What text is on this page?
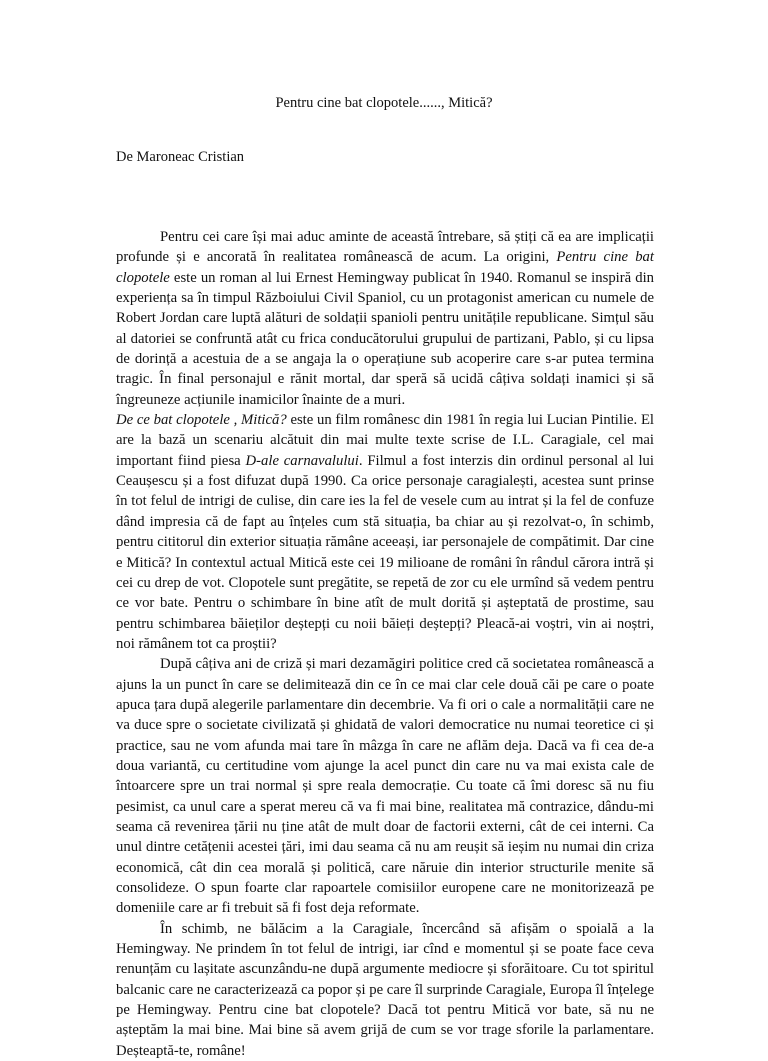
Pentru cine bat clopotele......, Mitică?
De Maroneac Cristian

Pentru cei care își mai aduc aminte de această întrebare, să știți că ea are implicații profunde și e ancorată în realitatea românească de acum. La origini, Pentru cine bat clopotele este un roman al lui Ernest Hemingway publicat în 1940. Romanul se inspiră din experiența sa în timpul Războiului Civil Spaniol, cu un protagonist american cu numele de Robert Jordan care luptă alături de soldații spanioli pentru unitățile republicane. Simțul său al datoriei se confruntă atât cu frica conducătorului grupului de partizani, Pablo, și cu lipsa de dorință a acestuia de a se angaja la o operațiune sub acoperire care s-ar putea termina tragic. În final personajul e rănit mortal, dar speră să ucidă câțiva soldați inamici și să îngreuneze acțiunile inamicilor înainte de a muri.

De ce bat clopotele , Mitică? este un film românesc din 1981 în regia lui Lucian Pintilie. El are la bază un scenariu alcătuit din mai multe texte scrise de I.L. Caragiale, cel mai important fiind piesa D-ale carnavalului. Filmul a fost interzis din ordinul personal al lui Ceaușescu și a fost difuzat după 1990. Ca orice personaje caragialești, acestea sunt prinse în tot felul de intrigi de culise, din care ies la fel de vesele cum au intrat și la fel de confuze dând impresia că de fapt au înțeles cum stă situația, ba chiar au și rezolvat-o, în schimb, pentru cititorul din exterior situația rămâne aceeași, iar personajele de compătimit. Dar cine e Mitică? In contextul actual Mitică este cei 19 milioane de români în rândul cărora intră și cei cu drep de vot. Clopotele sunt pregătite, se repetă de zor cu ele urmînd să vedem pentru ce vor bate. Pentru o schimbare în bine atît de mult dorită și așteptată de prostime, sau pentru schimbarea băieților deștepți cu noii băieți deștepți? Pleacă-ai voștri, vin ai noștri, noi rămânem tot ca proștii?

După câțiva ani de criză și mari dezamăgiri politice cred că societatea românească a ajuns la un punct în care se delimitează din ce în ce mai clar cele două căi pe care o poate apuca țara după alegerile parlamentare din decembrie. Va fi ori o cale a normalității care ne va duce spre o societate civilizată și ghidată de valori democratice nu numai teoretice ci și practice, sau ne vom afunda mai tare în mâzga în care ne aflăm deja. Dacă va fi cea de-a doua variantă, cu certitudine vom ajunge la acel punct din care nu va mai exista cale de întoarcere spre un trai normal și spre reala democrație. Cu toate că îmi doresc să nu fiu pesimist, ca unul care a sperat mereu că va fi mai bine, realitatea mă contrazice, dându-mi seama că revenirea țării nu ține atât de mult doar de factorii externi, cât de cei interni. Ca unul dintre cetățenii acestei țări, imi dau seama că nu am reușit să ieșim nu numai din criza economică, cât din cea morală și politică, care năruie din interior structurile menite să consolideze. O spun foarte clar rapoartele comisiilor europene care ne monitorizează pe domeniile care ar fi trebuit să fi fost deja reformate.

În schimb, ne bălăcim a la Caragiale, încercând să afișăm o spoială a la Hemingway. Ne prindem în tot felul de intrigi, iar cînd e momentul și se poate face ceva renunțăm cu lașitate ascunzându-ne după argumente mediocre și sforăitoare. Cu tot spiritul balcanic care ne caracterizează ca popor și pe care îl surprinde Caragiale, Europa îl înțelege pe Hemingway. Pentru cine bat clopotele? Dacă tot pentru Mitică vor bate, să nu ne așteptăm la mai bine. Mai bine să avem grijă de cum se vor trage sforile la parlamentare. Deșteaptă-te, române!
